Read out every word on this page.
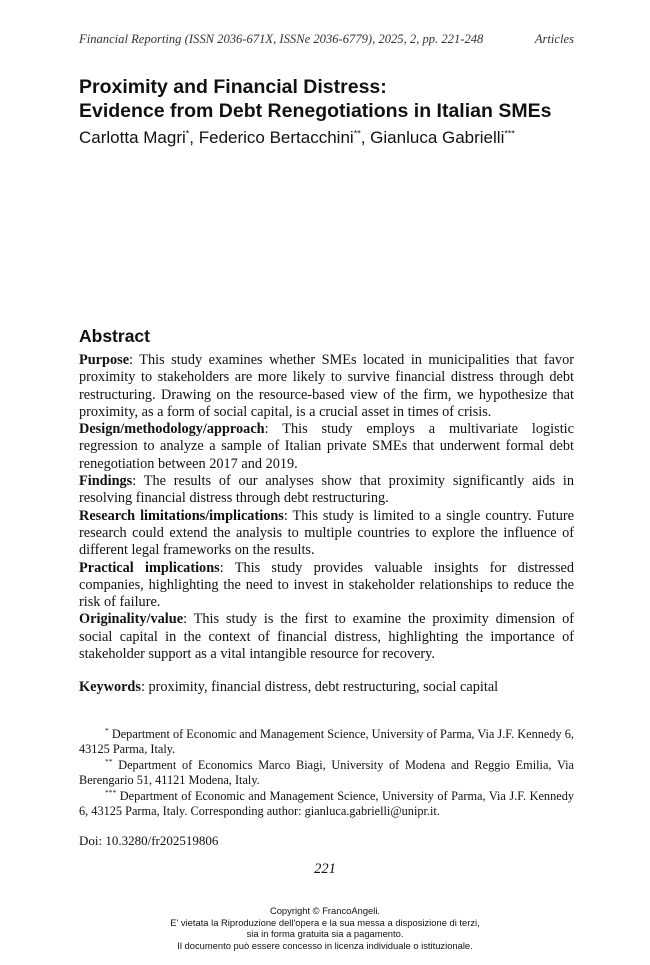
Financial Reporting (ISSN 2036-671X, ISSNe 2036-6779), 2025, 2, pp. 221-248	Articles
Proximity and Financial Distress:
Evidence from Debt Renegotiations in Italian SMEs
Carlotta Magri*, Federico Bertacchini**, Gianluca Gabrielli***
Abstract

Purpose: This study examines whether SMEs located in municipalities that favor proximity to stakeholders are more likely to survive financial distress through debt restructuring. Drawing on the resource-based view of the firm, we hypothesize that proximity, as a form of social capital, is a crucial asset in times of crisis.

Design/methodology/approach: This study employs a multivariate logistic regression to analyze a sample of Italian private SMEs that underwent formal debt renegotiation between 2017 and 2019.

Findings: The results of our analyses show that proximity significantly aids in resolving financial distress through debt restructuring.

Research limitations/implications: This study is limited to a single country. Future research could extend the analysis to multiple countries to explore the influence of different legal frameworks on the results.

Practical implications: This study provides valuable insights for distressed companies, highlighting the need to invest in stakeholder relationships to reduce the risk of failure.

Originality/value: This study is the first to examine the proximity dimension of social capital in the context of financial distress, highlighting the importance of stakeholder support as a vital intangible resource for recovery.

Keywords: proximity, financial distress, debt restructuring, social capital

* Department of Economic and Management Science, University of Parma, Via J.F. Kennedy 6, 43125 Parma, Italy.

** Department of Economics Marco Biagi, University of Modena and Reggio Emilia, Via Berengario 51, 41121 Modena, Italy.

*** Department of Economic and Management Science, University of Parma, Via J.F. Kennedy 6, 43125 Parma, Italy. Corresponding author: gianluca.gabrielli@unipr.it.

Doi: 10.3280/fr202519806
221
Copyright © FrancoAngeli.
E' vietata la Riproduzione dell'opera e la sua messa a disposizione di terzi,
sia in forma gratuita sia a pagamento.
Il documento può essere concesso in licenza individuale o istituzionale.
